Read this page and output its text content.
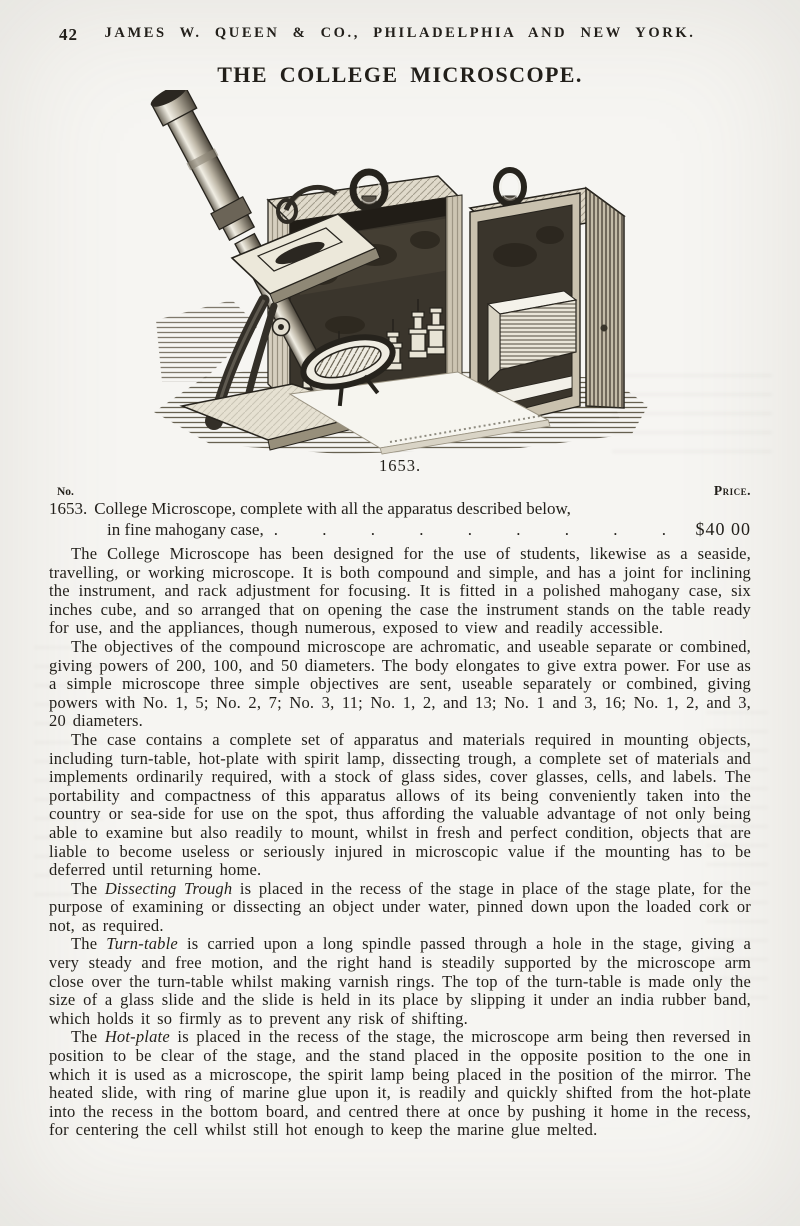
42	JAMES W. QUEEN & CO., PHILADELPHIA AND NEW YORK.
THE COLLEGE MICROSCOPE.
1653.
No.	Price.
1653. College Microscope, complete with all the apparatus described below,
in fine mahogany case, . . . . . . . . .	$40 00

The College Microscope has been designed for the use of students, likewise as a seaside, travelling, or working microscope. It is both compound and simple, and has a joint for inclining the instrument, and rack adjustment for focusing. It is fitted in a polished mahogany case, six inches cube, and so arranged that on opening the case the instrument stands on the table ready for use, and the appliances, though numerous, exposed to view and readily accessible.

The objectives of the compound microscope are achromatic, and useable separate or combined, giving powers of 200, 100, and 50 diameters. The body elongates to give extra power. For use as a simple microscope three simple objectives are sent, useable separately or combined, giving powers with No. 1, 5; No. 2, 7; No. 3, 11; No. 1, 2, and 13; No. 1 and 3, 16; No. 1, 2, and 3, 20 diameters.

The case contains a complete set of apparatus and materials required in mounting objects, including turn-table, hot-plate with spirit lamp, dissecting trough, a complete set of materials and implements ordinarily required, with a stock of glass sides, cover glasses, cells, and labels. The portability and compactness of this apparatus allows of its being conveniently taken into the country or sea-side for use on the spot, thus affording the valuable advantage of not only being able to examine but also readily to mount, whilst in fresh and perfect condition, objects that are liable to become useless or seriously injured in microscopic value if the mounting has to be deferred until returning home.

The Dissecting Trough is placed in the recess of the stage in place of the stage plate, for the purpose of examining or dissecting an object under water, pinned down upon the loaded cork or not, as required.

The Turn-table is carried upon a long spindle passed through a hole in the stage, giving a very steady and free motion, and the right hand is steadily supported by the microscope arm close over the turn-table whilst making varnish rings. The top of the turn-table is made only the size of a glass slide and the slide is held in its place by slipping it under an india rubber band, which holds it so firmly as to prevent any risk of shifting.

The Hot-plate is placed in the recess of the stage, the microscope arm being then reversed in position to be clear of the stage, and the stand placed in the opposite position to the one in which it is used as a microscope, the spirit lamp being placed in the position of the mirror. The heated slide, with ring of marine glue upon it, is readily and quickly shifted from the hot-plate into the recess in the bottom board, and centred there at once by pushing it home in the recess, for centering the cell whilst still hot enough to keep the marine glue melted.
